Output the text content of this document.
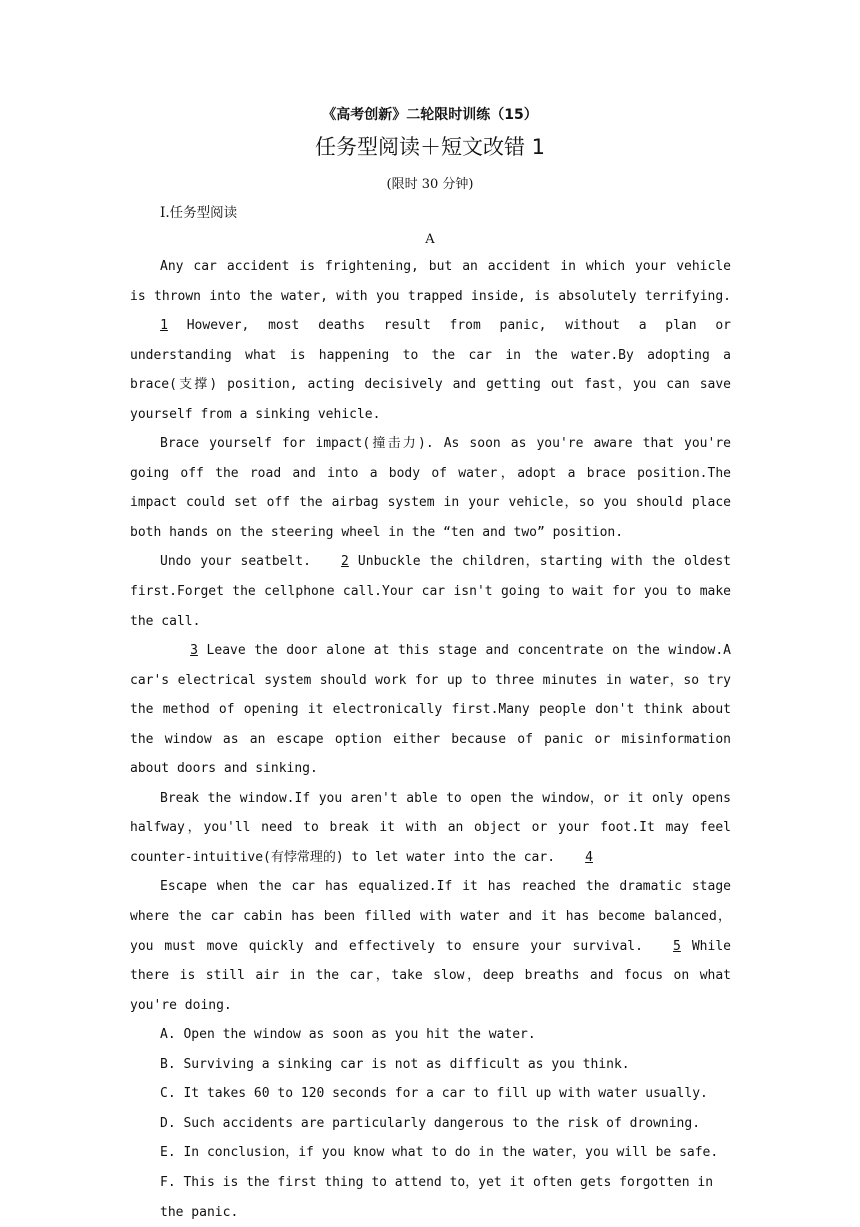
《高考创新》二轮限时训练（15）
任务型阅读＋短文改错 1
(限时 30 分钟)
Ⅰ.任务型阅读
A

Any car accident is frightening, but an accident in which your vehicle is thrown into the water, with you trapped inside, is absolutely terrifying.1 However, most deaths result from panic, without a plan or understanding what is happening to the car in the water.By adopting a brace(支撑) position, acting decisively and getting out fast，you can save yourself from a sinking vehicle.

Brace yourself for impact(撞击力). As soon as you're aware that you're going off the road and into a body of water，adopt a brace position.The impact could set off the airbag system in your vehicle，so you should place both hands on the steering wheel in the “ten and two” position.

Undo your seatbelt. 2 Unbuckle the children，starting with the oldest first.Forget the cellphone call.Your car isn't going to wait for you to make the call.

3 Leave the door alone at this stage and concentrate on the window.A car's electrical system should work for up to three minutes in water，so try the method of opening it electronically first.Many people don't think about the window as an escape option either because of panic or misinformation about doors and sinking.

Break the window.If you aren't able to open the window，or it only opens halfway，you'll need to break it with an object or your foot.It may feel counter-intuitive(有悖常理的) to let water into the car. 4

Escape when the car has equalized.If it has reached the dramatic stage where the car cabin has been filled with water and it has become balanced，you must move quickly and effectively to ensure your survival. 5 While there is still air in the car，take slow，deep breaths and focus on what you're doing.

A. Open the window as soon as you hit the water.

B. Surviving a sinking car is not as difficult as you think.

C. It takes 60 to 120 seconds for a car to fill up with water usually.

D. Such accidents are particularly dangerous to the risk of drowning.

E. In conclusion，if you know what to do in the water，you will be safe.

F. This is the first thing to attend to，yet it often gets forgotten in the panic.
